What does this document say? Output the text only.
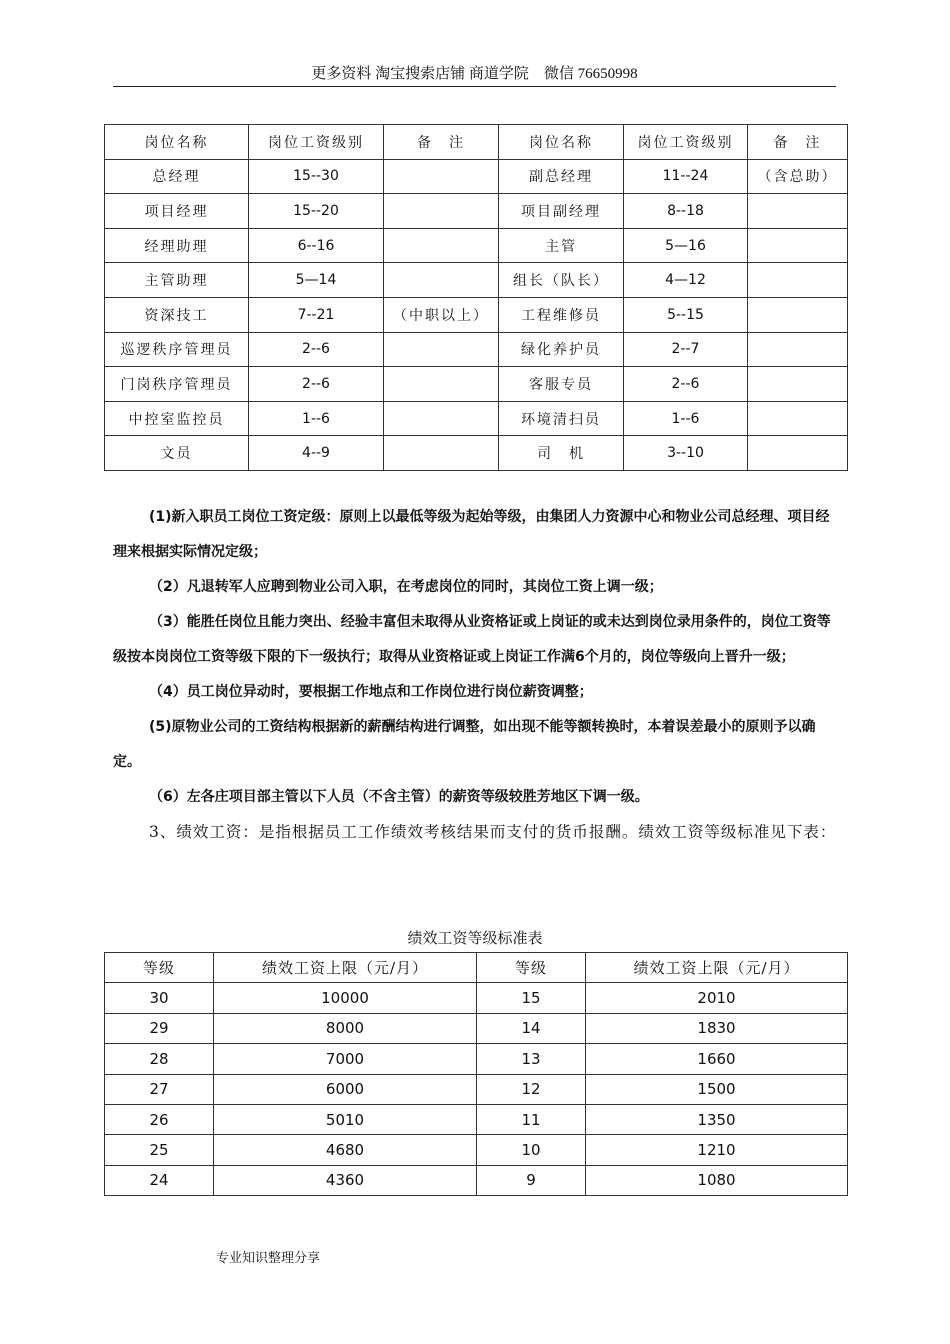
更多资料 淘宝搜索店铺 商道学院　微信 76650998
岗位名称	岗位工资级别	备　注	岗位名称	岗位工资级别	备　注
总经理	15--30		副总经理	11--24	（含总助）
项目经理	15--20		项目副经理	8--18	
经理助理	6--16		主管	5—16	
主管助理	5—14		组长（队长）	4—12	
资深技工	7--21	（中职以上）	工程维修员	5--15	
巡逻秩序管理员	2--6		绿化养护员	2--7	
门岗秩序管理员	2--6		客服专员	2--6	
中控室监控员	1--6		环境清扫员	1--6	
文员	4--9		司　机	3--10	

(1)新入职员工岗位工资定级：原则上以最低等级为起始等级，由集团人力资源中心和物业公司总经理、项目经理来根据实际情况定级；

（2）凡退转军人应聘到物业公司入职，在考虑岗位的同时，其岗位工资上调一级；

（3）能胜任岗位且能力突出、经验丰富但未取得从业资格证或上岗证的或未达到岗位录用条件的，岗位工资等级按本岗岗位工资等级下限的下一级执行；取得从业资格证或上岗证工作满6个月的，岗位等级向上晋升一级；

（4）员工岗位异动时，要根据工作地点和工作岗位进行岗位薪资调整；

(5)原物业公司的工资结构根据新的薪酬结构进行调整，如出现不能等额转换时，本着误差最小的原则予以确定。

（6）左各庄项目部主管以下人员（不含主管）的薪资等级较胜芳地区下调一级。

3、绩效工资：是指根据员工工作绩效考核结果而支付的货币报酬。绩效工资等级标准见下表：

绩效工资等级标准表
等级	绩效工资上限（元/月）	等级	绩效工资上限（元/月）
30	10000	15	2010
29	8000	14	1830
28	7000	13	1660
27	6000	12	1500
26	5010	11	1350
25	4680	10	1210
24	4360	9	1080
专业知识整理分享
